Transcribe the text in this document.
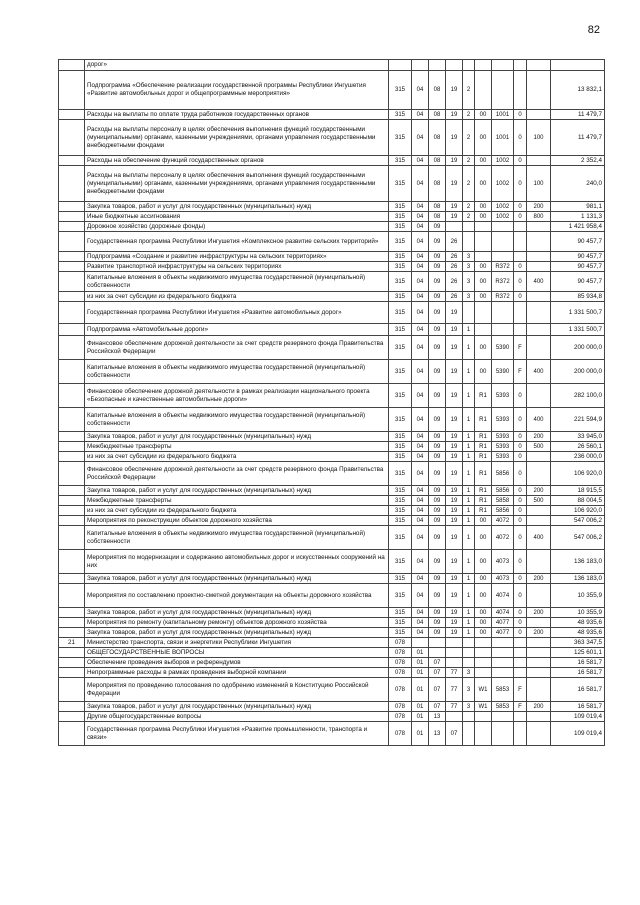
82
	дорог»										
	Подпрограмма «Обеспечение реализации государственной программы Республики Ингушетия «Развитие автомобильных дорог и общепрограммные мероприятия»	315	04	08	19	2					13 832,1
	Расходы на выплаты по оплате труда работников государственных органов	315	04	08	19	2	00	1001	0		11 479,7
	Расходы на выплаты персоналу в целях обеспечения выполнения функций государственными (муниципальными) органами, казенными учреждениями, органами управления государственными внебюджетными фондами	315	04	08	19	2	00	1001	0	100	11 479,7
	Расходы на обеспечение функций государственных органов	315	04	08	19	2	00	1002	0		2 352,4
	Расходы на выплаты персоналу в целях обеспечения выполнения функций государственными (муниципальными) органами, казенными учреждениями, органами управления государственными внебюджетными фондами	315	04	08	19	2	00	1002	0	100	240,0
	Закупка товаров, работ и услуг для государственных (муниципальных) нужд	315	04	08	19	2	00	1002	0	200	981,1
	Иные бюджетные ассигнования	315	04	08	19	2	00	1002	0	800	1 131,3
	Дорожное хозяйство (дорожные фонды)	315	04	09							1 421 958,4
	Государственная программа Республики Ингушетия «Комплексное развитие сельских территорий»	315	04	09	26						90 457,7
	Подпрограмма «Создание и развитие инфраструктуры на сельских территориях»	315	04	09	26	3					90 457,7
	Развитие транспортной инфраструктуры на сельских территориях	315	04	09	26	3	00	R372	0		90 457,7
	Капитальные вложения в объекты недвижимого имущества государственной (муниципальной) собственности	315	04	09	26	3	00	R372	0	400	90 457,7
	из них за счет субсидии из федерального бюджета	315	04	09	26	3	00	R372	0		85 934,8
	Государственная программа Республики Ингушетия «Развитие автомобильных дорог»	315	04	09	19						1 331 500,7
	Подпрограмма «Автомобильные дороги»	315	04	09	19	1					1 331 500,7
	Финансовое обеспечение дорожной деятельности за счет средств резервного фонда Правительства Российской Федерации	315	04	09	19	1	00	5390	F		200 000,0
	Капитальные вложения в объекты недвижимого имущества государственной (муниципальной) собственности	315	04	09	19	1	00	5390	F	400	200 000,0
	Финансовое обеспечение дорожной деятельности в рамках реализации национального проекта «Безопасные и качественные автомобильные дороги»	315	04	09	19	1	R1	5393	0		282 100,0
	Капитальные вложения в объекты недвижимого имущества государственной (муниципальной) собственности	315	04	09	19	1	R1	5393	0	400	221 594,9
	Закупка товаров, работ и услуг для государственных (муниципальных) нужд	315	04	09	19	1	R1	5393	0	200	33 945,0
	Межбюджетные трансферты	315	04	09	19	1	R1	5393	0	500	26 560,1
	из них за счет субсидии из федерального бюджета	315	04	09	19	1	R1	5393	0		236 000,0
	Финансовое обеспечение дорожной деятельности за счет средств резервного фонда Правительства Российской Федерации	315	04	09	19	1	R1	5856	0		106 920,0
	Закупка товаров, работ и услуг для государственных (муниципальных) нужд	315	04	09	19	1	R1	5856	0	200	18 915,5
	Межбюджетные трансферты	315	04	09	19	1	R1	5858	0	500	88 004,5
	из них за счет субсидии из федерального бюджета	315	04	09	19	1	R1	5856	0		106 920,0
	Мероприятия по реконструкции объектов дорожного хозяйства	315	04	09	19	1	00	4072	0		547 006,2
	Капитальные вложения в объекты недвижимого имущества государственной (муниципальной) собственности	315	04	09	19	1	00	4072	0	400	547 006,2
	Мероприятия по модернизации и содержанию автомобильных дорог и искусственных сооружений на них	315	04	09	19	1	00	4073	0		136 183,0
	Закупка товаров, работ и услуг для государственных (муниципальных) нужд	315	04	09	19	1	00	4073	0	200	136 183,0
	Мероприятия по составлению проектно-сметной документации на объекты дорожного хозяйства	315	04	09	19	1	00	4074	0		10 355,9
	Закупка товаров, работ и услуг для государственных (муниципальных) нужд	315	04	09	19	1	00	4074	0	200	10 355,9
	Мероприятия по ремонту (капитальному ремонту) объектов дорожного хозяйства	315	04	09	19	1	00	4077	0		48 935,6
	Закупка товаров, работ и услуг для государственных (муниципальных) нужд	315	04	09	19	1	00	4077	0	200	48 935,6
21	Министерство транспорта, связи и энергетики Республики Ингушетия	078									363 347,5
	ОБЩЕГОСУДАРСТВЕННЫЕ ВОПРОСЫ	078	01								125 601,1
	Обеспечение проведения выборов и референдумов	078	01	07							16 581,7
	Непрограммные расходы в рамках проведения выборной компании	078	01	07	77	3					16 581,7
	Мероприятия по проведению голосования по одобрению изменений в Конституцию Российской Федерации	078	01	07	77	3	W1	5853	F		16 581,7
	Закупка товаров, работ и услуг для государственных (муниципальных) нужд	078	01	07	77	3	W1	5853	F	200	16 581,7
	Другие общегосударственные вопросы	078	01	13							109 019,4
	Государственная программа Республики Ингушетия «Развитие промышленности, транспорта и связи»	078	01	13	07						109 019,4
